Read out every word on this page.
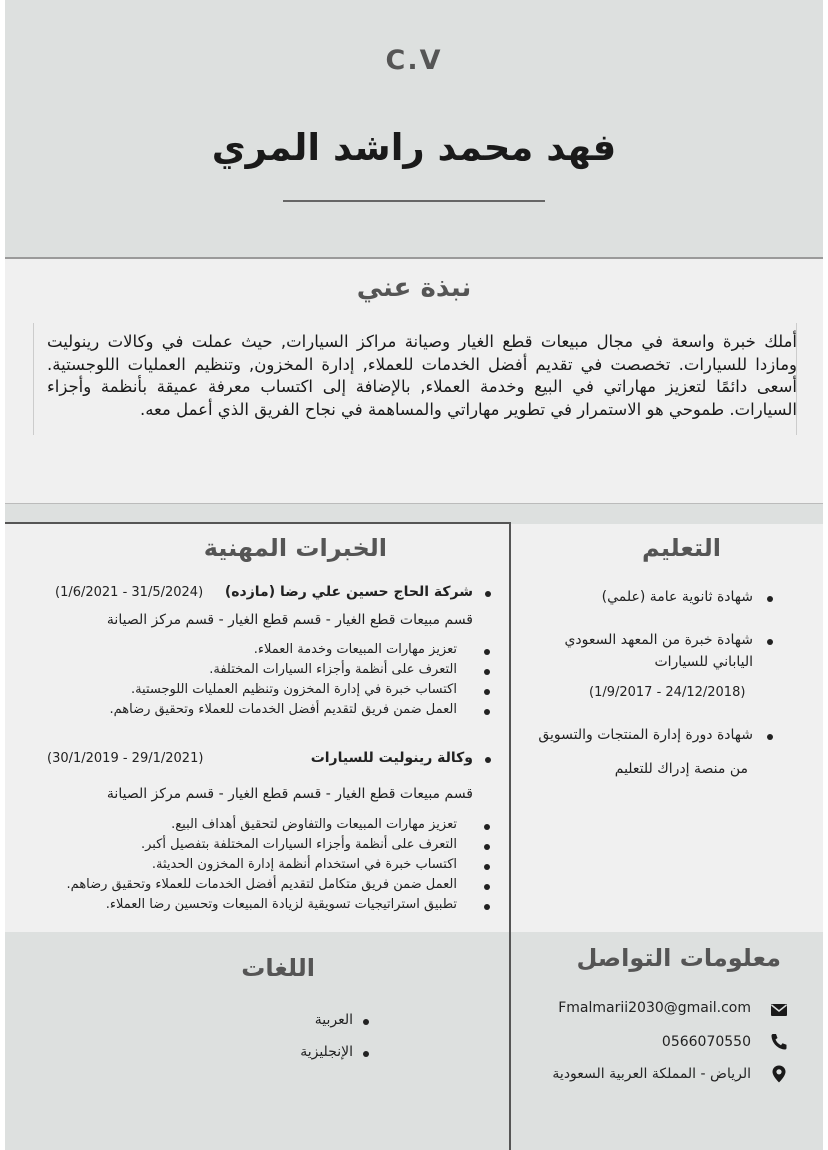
C.V
فهد محمد راشد المري
نبذة عني
أملك خبرة واسعة في مجال مبيعات قطع الغيار وصيانة مراكز السيارات, حيث عملت في وكالات رينوليت ومازدا للسيارات. تخصصت في تقديم أفضل الخدمات للعملاء, إدارة المخزون, وتنظيم العمليات اللوجستية. أسعى دائمًا لتعزيز مهاراتي في البيع وخدمة العملاء, بالإضافة إلى اكتساب معرفة عميقة بأنظمة وأجزاء السيارات. طموحي هو الاستمرار في تطوير مهاراتي والمساهمة في نجاح الفريق الذي أعمل معه.
الخبرات المهنية
شركة الحاج حسين علي رضا (مازده)
(1/6/2021 - 31/5/2024)
قسم مبيعات قطع الغيار - قسم قطع الغيار - قسم مركز الصيانة
تعزيز مهارات المبيعات وخدمة العملاء.
التعرف على أنظمة وأجزاء السيارات المختلفة.
اكتساب خبرة في إدارة المخزون وتنظيم العمليات اللوجستية.
العمل ضمن فريق لتقديم أفضل الخدمات للعملاء وتحقيق رضاهم.
وكالة رينوليت للسيارات
(30/1/2019 - 29/1/2021)
قسم مبيعات قطع الغيار - قسم قطع الغيار - قسم مركز الصيانة
تعزيز مهارات المبيعات والتفاوض لتحقيق أهداف البيع.
التعرف على أنظمة وأجزاء السيارات المختلفة بتفصيل أكبر.
اكتساب خبرة في استخدام أنظمة إدارة المخزون الحديثة.
العمل ضمن فريق متكامل لتقديم أفضل الخدمات للعملاء وتحقيق رضاهم.
تطبيق استراتيجيات تسويقية لزيادة المبيعات وتحسين رضا العملاء.
التعليم
شهادة ثانوية عامة (علمي)
شهادة خبرة من المعهد السعودي
الياباني للسيارات
(1/9/2017 - 24/12/2018)
شهادة دورة إدارة المنتجات والتسويق
من منصة إدراك للتعليم
اللغات
العربية
الإنجليزية
معلومات التواصل
Fmalmarii2030@gmail.com
0566070550
الرياض - المملكة العربية السعودية
